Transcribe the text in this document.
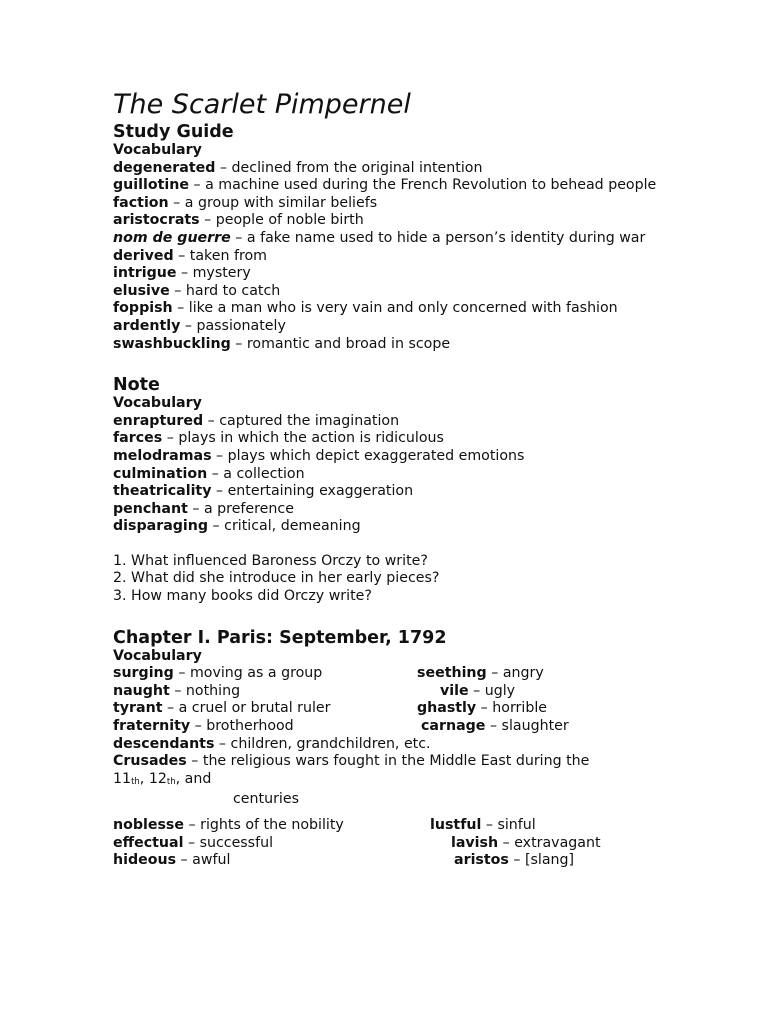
The Scarlet Pimpernel
Study Guide
Vocabulary

degenerated – declined from the original intention

guillotine – a machine used during the French Revolution to behead people

faction – a group with similar beliefs

aristocrats – people of noble birth

nom de guerre – a fake name used to hide a person’s identity during war

derived – taken from

intrigue – mystery

elusive – hard to catch

foppish – like a man who is very vain and only concerned with fashion

ardently – passionately

swashbuckling – romantic and broad in scope

Note
Vocabulary

enraptured – captured the imagination

farces – plays in which the action is ridiculous

melodramas – plays which depict exaggerated emotions

culmination – a collection

theatricality – entertaining exaggeration

penchant – a preference

disparaging – critical, demeaning

1. What influenced Baroness Orczy to write?

2. What did she introduce in her early pieces?

3. How many books did Orczy write?

Chapter I. Paris: September, 1792
Vocabulary
surging – moving as a group	seething – angry
naught – nothing	vile – ugly
tyrant – a cruel or brutal ruler	ghastly – horrible
fraternity – brotherhood	carnage – slaughter

descendants – children, grandchildren, etc.

Crusades – the religious wars fought in the Middle East during the
$11_{th}$, $12_{th}$, and

centuries

noblesse – rights of the nobility	lustful – sinful
effectual – successful	lavish – extravagant
hideous – awful	aristos – [slang]
